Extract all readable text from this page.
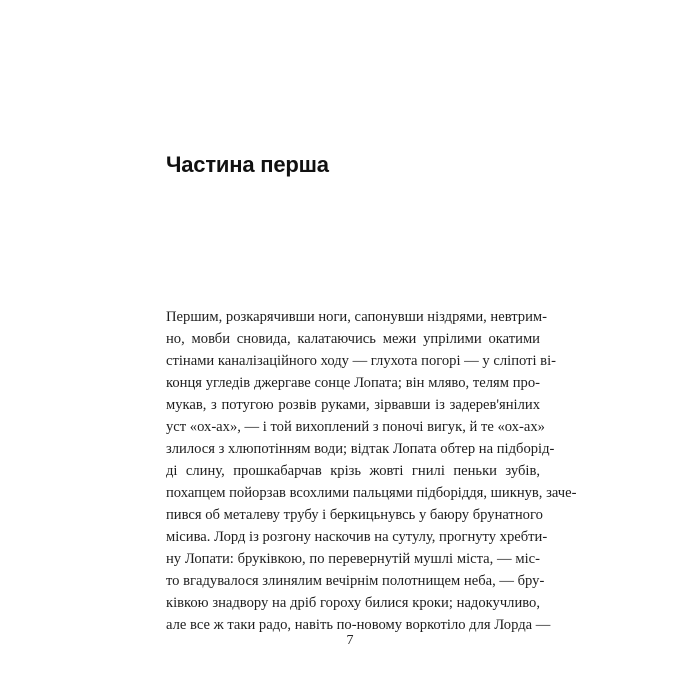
Частина перша
Першим, розкарячивши ноги, сапонувши ніздрями, невтрим-
но, мовби сновида, калатаючись межи упрілими окатими
стінами каналізаційного ходу — глухота погорі — у сліпоті ві-
конця угледів джергаве сонце Лопата; він мляво, телям про-
мукав, з потугою розвів руками, зірвавши із задерев'янілих
уст «ох-ах», — і той вихоплений з поночі вигук, й те «ох-ах»
злилося з хлюпотінням води; відтак Лопата обтер на підборід-
ді слину, прошкабарчав крізь жовті гнилі пеньки зубів,
похапцем пойорзав всохлими пальцями підборіддя, шикнув, заче-
пився об металеву трубу і беркицьнувсь у баюру брунатного
місива. Лорд із розгону наскочив на сутулу, прогнуту хребти-
ну Лопати: бруківкою, по перевернутій мушлі міста, — міс-
то вгадувалося злинялим вечірнім полотнищем неба, — бру-
ківкою знадвору на дріб гороху билися кроки; надокучливо,
але все ж таки радо, навіть по-новому воркотіло для Лорда —
7
